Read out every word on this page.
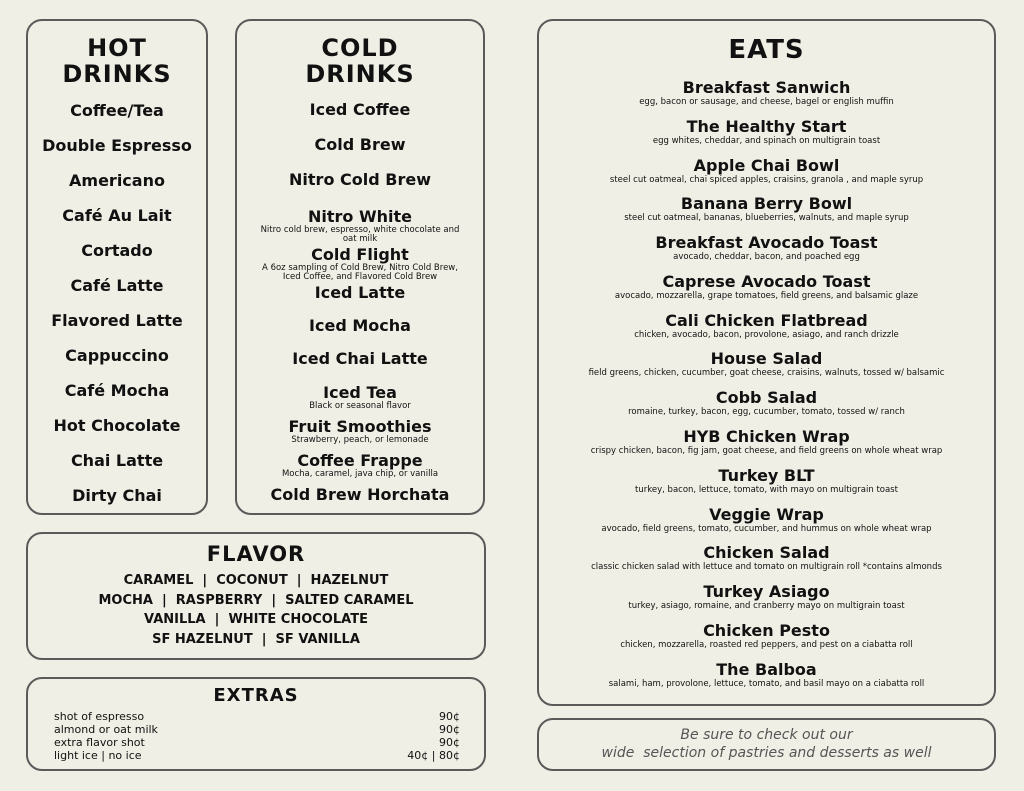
HOT
DRINKS

Coffee/Tea
Double Espresso
Americano
Café Au Lait
Cortado
Café Latte
Flavored Latte
Cappuccino
Café Mocha
Hot Chocolate
Chai Latte
Dirty Chai

COLD
DRINKS

Iced Coffee
Cold Brew
Nitro Cold Brew
Nitro White
Nitro cold brew, espresso, white chocolate and oat milk
Cold Flight
A 6oz sampling of Cold Brew, Nitro Cold Brew, Iced Coffee, and Flavored Cold Brew
Iced Latte
Iced Mocha
Iced Chai Latte
Iced Tea
Black or seasonal flavor
Fruit Smoothies
Strawberry, peach, or lemonade
Coffee Frappe
Mocha, caramel, java chip, or vanilla
Cold Brew Horchata
FLAVOR
CARAMEL  |  COCONUT  |  HAZELNUT
MOCHA  |  RASPBERRY  |  SALTED CARAMEL
VANILLA  |  WHITE CHOCOLATE
SF HAZELNUT  |  SF VANILLA
EXTRAS
shot of espresso	90¢
almond or oat milk	90¢
extra flavor shot	90¢
light ice | no ice	40¢ | 80¢

EATS

Breakfast Sanwich
egg, bacon or sausage, and cheese, bagel or english muffin
The Healthy Start
egg whites, cheddar, and spinach on multigrain toast
Apple Chai Bowl
steel cut oatmeal, chai spiced apples, craisins, granola , and maple syrup
Banana Berry Bowl
steel cut oatmeal, bananas, blueberries, walnuts, and maple syrup
Breakfast Avocado Toast
avocado, cheddar, bacon, and poached egg
Caprese Avocado Toast
avocado, mozzarella, grape tomatoes, field greens, and balsamic glaze
Cali Chicken Flatbread
chicken, avocado, bacon, provolone, asiago, and ranch drizzle
House Salad
field greens, chicken, cucumber, goat cheese, craisins, walnuts, tossed w/ balsamic
Cobb Salad
romaine, turkey, bacon, egg, cucumber, tomato, tossed w/ ranch
HYB Chicken Wrap
crispy chicken, bacon, fig jam, goat cheese, and field greens on whole wheat wrap
Turkey BLT
turkey, bacon, lettuce, tomato, with mayo on multigrain toast
Veggie Wrap
avocado, field greens, tomato, cucumber, and hummus on whole wheat wrap
Chicken Salad
classic chicken salad with lettuce and tomato on multigrain roll *contains almonds
Turkey Asiago
turkey, asiago, romaine, and cranberry mayo on multigrain toast
Chicken Pesto
chicken, mozzarella, roasted red peppers, and pest on a ciabatta roll
The Balboa
salami, ham, provolone, lettuce, tomato, and basil mayo on a ciabatta roll

Be sure to check out our

wide  selection of pastries and desserts as well
